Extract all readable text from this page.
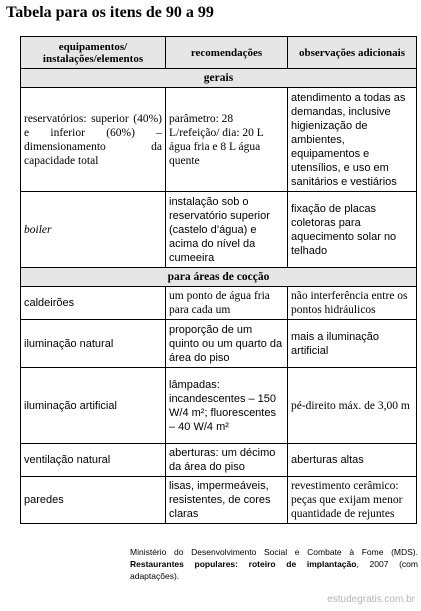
Tabela para os itens de 90 a 99
equipamentos/ instalações/elementos	recomendações	observações adicionais
gerais		
reservatórios: superior (40%) e inferior (60%) – dimensionamento da capacidade total	parâmetro: 28 L/refeição/ dia: 20 L água fria e 8 L água quente	atendimento a todas as demandas, inclusive higienização de ambientes, equipamentos e utensílios, e uso em sanitários e vestiários
boiler	instalação sob o reservatório superior (castelo d’água) e acima do nível da cumeeira	fixação de placas coletoras para aquecimento solar no telhado
para áreas de cocção		
caldeirões	um ponto de água fria para cada um	não interferência entre os pontos hidráulicos
iluminação natural	proporção de um quinto ou um quarto da área do piso	mais a iluminação artificial
iluminação artificial	lâmpadas: incandescentes – 150 W/4 m²; fluorescentes – 40 W/4 m²	pé-direito máx. de 3,00 m
ventilação natural	aberturas: um décimo da área do piso	aberturas altas
paredes	lisas, impermeáveis, resistentes, de cores claras	revestimento cerâmico: peças que exijam menor quantidade de rejuntes
Ministério do Desenvolvimento Social e Combate à Fome (MDS). Restaurantes populares: roteiro de implantação, 2007 (com adaptações).
estudegratis.com.br
